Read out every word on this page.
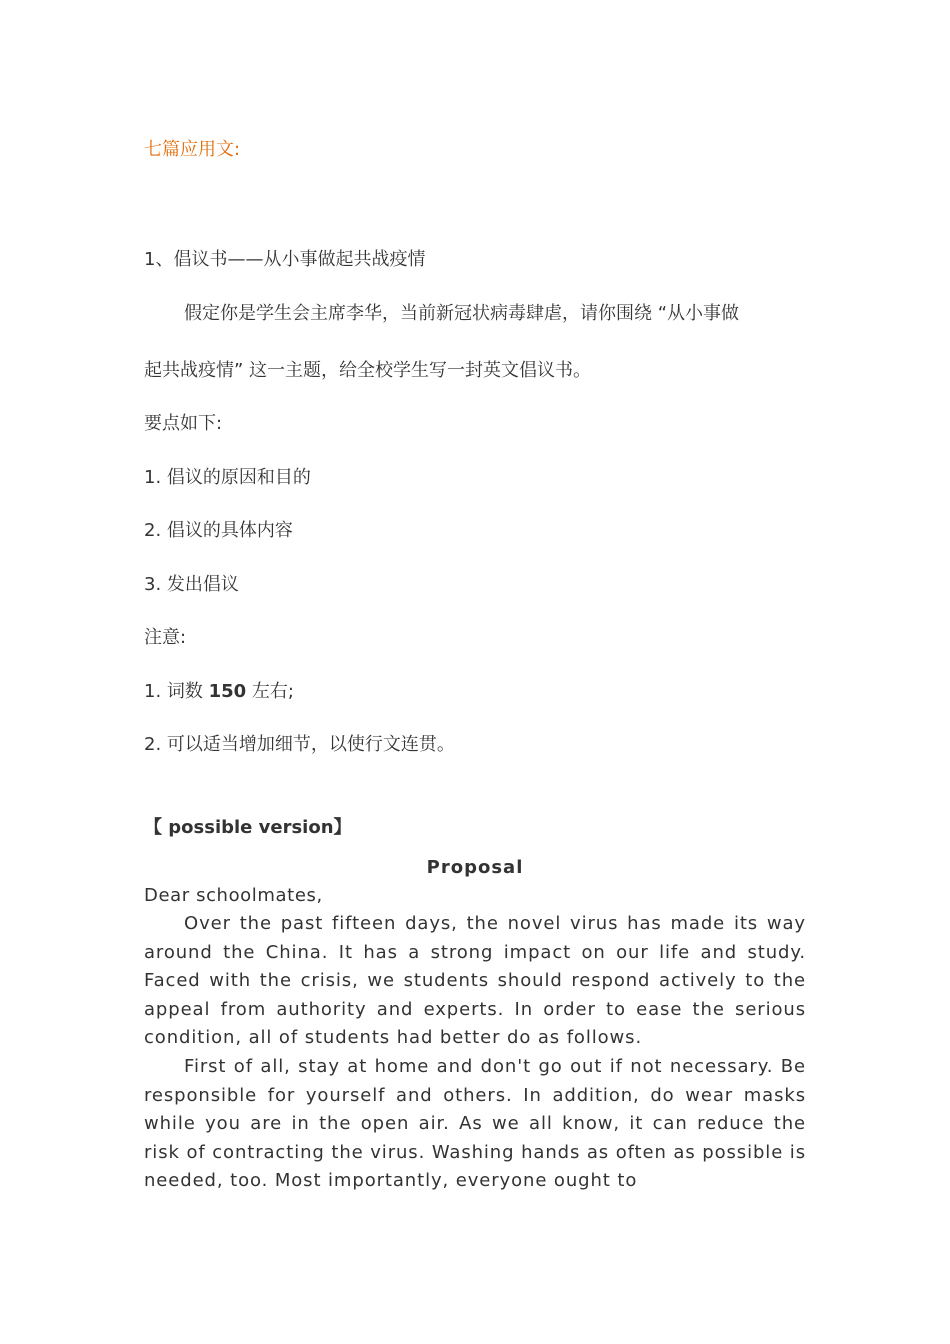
七篇应用文:
1、倡议书——从小事做起共战疫情
假定你是学生会主席李华，当前新冠状病毒肆虐，请你围绕 “从小事做
起共战疫情” 这一主题，给全校学生写一封英文倡议书。
要点如下:
1. 倡议的原因和目的
2. 倡议的具体内容
3. 发出倡议
注意:
1. 词数 150 左右;
2. 可以适当增加细节，以使行文连贯。
【 possible version】
Proposal
Dear schoolmates,

Over the past fifteen days, the novel virus has made its way around the China. It has a strong impact on our life and study. Faced with the crisis, we students should respond actively to the appeal from authority and experts. In order to ease the serious condition, all of students had better do as follows.

First of all, stay at home and don't go out if not necessary. Be responsible for yourself and others. In addition, do wear masks while you are in the open air. As we all know, it can reduce the risk of contracting the virus. Washing hands as often as possible is needed, too. Most importantly, everyone ought to
